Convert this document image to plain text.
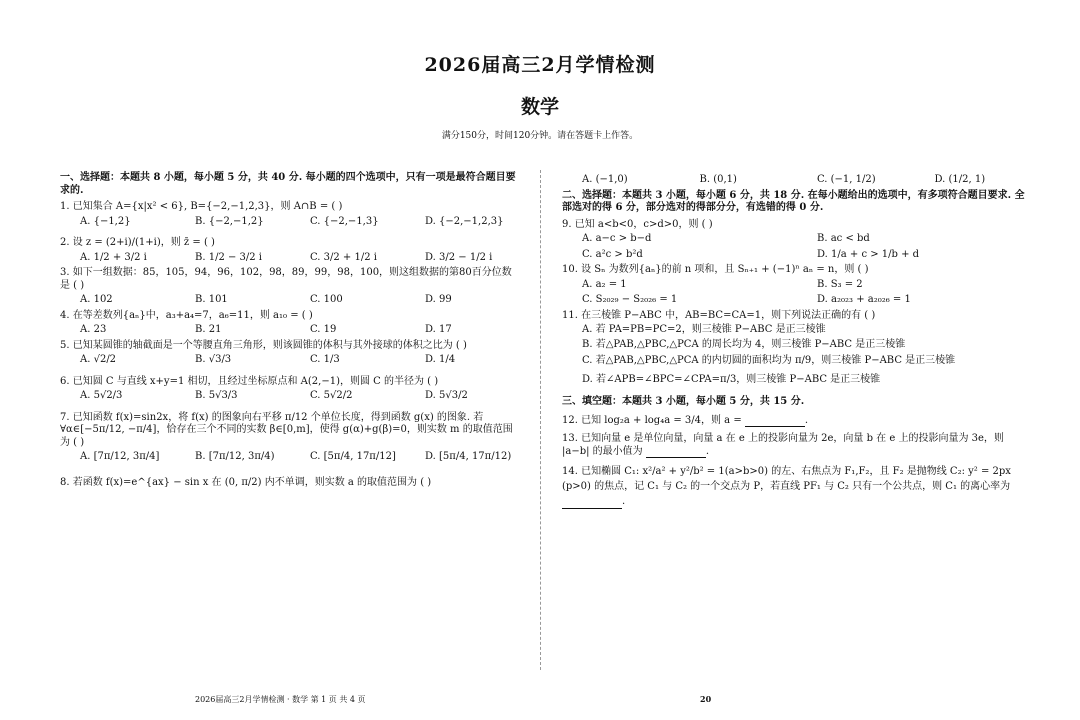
2026届高三2月学情检测
数学
满分150分，时间120分钟。请在答题卡上作答。
一、选择题：本题共 8 小题，每小题 5 分，共 40 分. 每小题的四个选项中，只有一项是最符合题目要求的.
1. 已知集合 A={x|x² < 6}, B={−2,−1,2,3}，则 A∩B = ( )
A. {−1,2}	B. {−2,−1,2}	C. {−2,−1,3}	D. {−2,−1,2,3}
2. 设 z = (2+i)/(1+i)，则 z̄ = ( )
A. 1/2 + 3/2 i	B. 1/2 − 3/2 i	C. 3/2 + 1/2 i	D. 3/2 − 1/2 i
3. 如下一组数据：85，105，94，96，102，98，89，99，98，100，则这组数据的第80百分位数是 ( )
A. 102	B. 101	C. 100	D. 99
4. 在等差数列{aₙ}中，a₃+a₄=7，a₆=11，则 a₁₀ = ( )
A. 23	B. 21	C. 19	D. 17
5. 已知某圆锥的轴截面是一个等腰直角三角形，则该圆锥的体积与其外接球的体积之比为 ( )
A. √2/2	B. √3/3	C. 1/3	D. 1/4
6. 已知圆 C 与直线 x+y=1 相切，且经过坐标原点和 A(2,−1)，则圆 C 的半径为 ( )
A. 5√2/3	B. 5√3/3	C. 5√2/2	D. 5√3/2
7. 已知函数 f(x)=sin2x，将 f(x) 的图象向右平移 π/12 个单位长度，得到函数 g(x) 的图象. 若 ∀α∈[−5π/12, −π/4]，恰存在三个不同的实数 β∈[0,m]，使得 g(α)+g(β)=0，则实数 m 的取值范围为 ( )
A. [7π/12, 3π/4]	B. [7π/12, 3π/4)	C. [5π/4, 17π/12]	D. [5π/4, 17π/12)
8. 若函数 f(x)=e^{ax} − sin x 在 (0, π/2) 内不单调，则实数 a 的取值范围为 ( )
A. (−1,0)	B. (0,1)	C. (−1, 1/2)	D. (1/2, 1)
二、选择题：本题共 3 小题，每小题 6 分，共 18 分. 在每小题给出的选项中，有多项符合题目要求. 全部选对的得 6 分，部分选对的得部分分，有选错的得 0 分.
9. 已知 a<b<0，c>d>0，则 ( )
A. a−c > b−d	B. ac < bd
C. a²c > b²d	D. 1/a + c > 1/b + d
10. 设 Sₙ 为数列{aₙ}的前 n 项和，且 Sₙ₊₁ + (−1)ⁿ aₙ = n，则 ( )
A. a₂ = 1	B. S₃ = 2
C. S₂₀₂₉ − S₂₀₂₆ = 1	D. a₂₀₂₃ + a₂₀₂₆ = 1
11. 在三棱锥 P−ABC 中，AB=BC=CA=1，则下列说法正确的有 ( )
A. 若 PA=PB=PC=2，则三棱锥 P−ABC 是正三棱锥
B. 若△PAB,△PBC,△PCA 的周长均为 4，则三棱锥 P−ABC 是正三棱锥
C. 若△PAB,△PBC,△PCA 的内切圆的面积均为 π/9，则三棱锥 P−ABC 是正三棱锥
D. 若∠APB=∠BPC=∠CPA=π/3，则三棱锥 P−ABC 是正三棱锥
三、填空题：本题共 3 小题，每小题 5 分，共 15 分.
12. 已知 log₂a + log₄a = 3/4，则 a =	.
13. 已知向量 e 是单位向量，向量 a 在 e 上的投影向量为 2e，向量 b 在 e 上的投影向量为 3e，则 |a−b| 的最小值为	.
14. 已知椭圆 C₁: x²/a² + y²/b² = 1(a>b>0) 的左、右焦点为 F₁,F₂，且 F₂ 是抛物线 C₂: y² = 2px (p>0) 的焦点，记 C₁ 与 C₂ 的一个交点为 P，若直线 PF₁ 与 C₂ 只有一个公共点，则 C₁ 的离心率为 .
2026届高三2月学情检测 · 数学 第 1 页 共 4 页	20
